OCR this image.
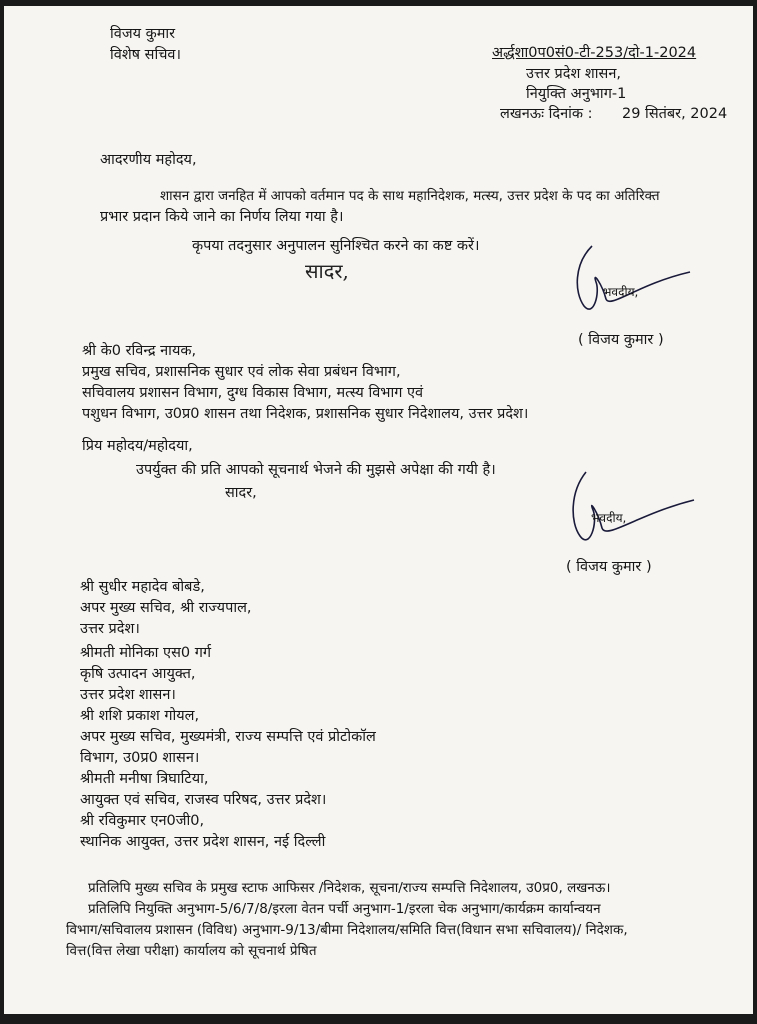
विजय कुमार
विशेष सचिव।	अर्द्धशा0प0सं0-टी-253/दो-1-2024
उत्तर प्रदेश शासन,
नियुक्ति अनुभाग-1
लखनऊः दिनांक : 29 सितंबर, 2024
आदरणीय महोदय,
शासन द्वारा जनहित में आपको वर्तमान पद के साथ महानिदेशक, मत्स्य, उत्तर प्रदेश के पद का अतिरिक्त
प्रभार प्रदान किये जाने का निर्णय लिया गया है।
कृपया तदनुसार अनुपालन सुनिश्चित करने का कष्ट करें।
सादर,
भवदीय,
( विजय कुमार )
श्री के0 रविन्द्र नायक,
प्रमुख सचिव, प्रशासनिक सुधार एवं लोक सेवा प्रबंधन विभाग,
सचिवालय प्रशासन विभाग, दुग्ध विकास विभाग, मत्स्य विभाग एवं
पशुधन विभाग, उ0प्र0 शासन तथा निदेशक, प्रशासनिक सुधार निदेशालय, उत्तर प्रदेश।
प्रिय महोदय/महोदया,
उपर्युक्त की प्रति आपको सूचनार्थ भेजने की मुझसे अपेक्षा की गयी है।
सादर,
भवदीय,
( विजय कुमार )
श्री सुधीर महादेव बोबडे,
अपर मुख्य सचिव, श्री राज्यपाल,
उत्तर प्रदेश।
श्रीमती मोनिका एस0 गर्ग
कृषि उत्पादन आयुक्त,
उत्तर प्रदेश शासन।
श्री शशि प्रकाश गोयल,
अपर मुख्य सचिव, मुख्यमंत्री, राज्य सम्पत्ति एवं प्रोटोकॉल
विभाग, उ0प्र0 शासन।
श्रीमती मनीषा त्रिघाटिया,
आयुक्त एवं सचिव, राजस्व परिषद, उत्तर प्रदेश।
श्री रविकुमार एन0जी0,
स्थानिक आयुक्त, उत्तर प्रदेश शासन, नई दिल्ली
प्रतिलिपि मुख्य सचिव के प्रमुख स्टाफ आफिसर /निदेशक, सूचना/राज्य सम्पत्ति निदेशालय, उ0प्र0, लखनऊ।
प्रतिलिपि नियुक्ति अनुभाग-5/6/7/8/इरला वेतन पर्ची अनुभाग-1/इरला चेक अनुभाग/कार्यक्रम कार्यान्वयन
विभाग/सचिवालय प्रशासन (विविध) अनुभाग-9/13/बीमा निदेशालय/समिति वित्त(विधान सभा सचिवालय)/ निदेशक,
वित्त(वित्त लेखा परीक्षा) कार्यालय को सूचनार्थ प्रेषित
